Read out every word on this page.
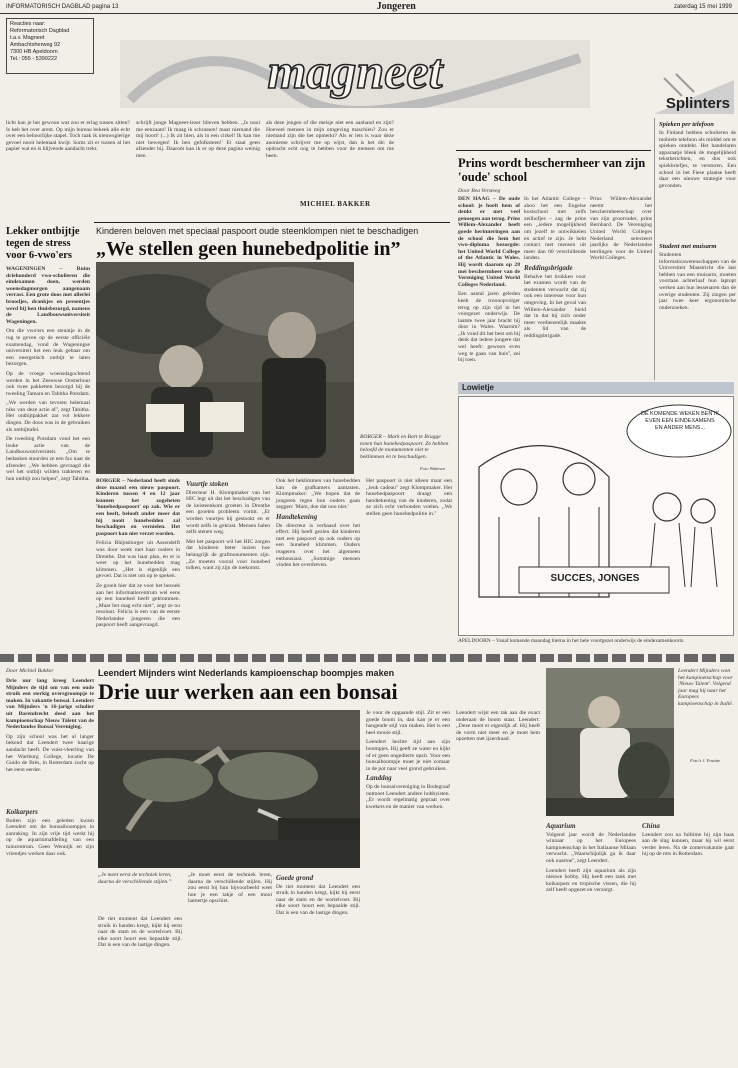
INFORMATORISCH DAGBLAD pagina 13	Jongeren	zaterdag 15 mei 1999
Reacties naar:
Reformatorisch Dagblad
t.a.v. Magneet
Ambachtsherweg 92
7300 HB Apeldoorn
Tel.: 055 - 5390222	magneet
Splinters
licht kan je het gewoon wat zou er erlag tussen zitten? Is heb het over arent. Op mijn bureau bekeek alle echt over een behoorlijke stapel. Toch raak ik nieuwsgierige gevoel nooit helemaal kwijt. Soms zit er tussen al het papier wat en is blijvende aandacht trekt.
schrijft jonge Magneet-lezer blieven hebben. ,,Is nooi me eenzaam! Ik maag ik schrassen! maar niemand die mij hoort! (...) Ik zit hien, als in een cirkel! Ik kan me niet bewegen! Ik ben gefolksteen!' Er staat geen afzender bij. Daarom kan ik er op deze pagina weinig mee.
als deze jongen of die meisje niet een aanhand en zijn? Hoeveel mensen in mijn omgeving maschien? Zou er niemand zijn die het opmerkt? Als er iets is waar deze anonieme schrijver me op wijst, dan is het dit: de opdracht echt oog te hebben voor de mensen om me heen.
MICHIEL BAKKER
Prins wordt beschermheer van zijn 'oude' school
Door Bea Versteeg

DEN HAAG – De oude school: je hoeft hem of denkt er met veel genoegen aan terug. Prins Willem-Alexander heeft goede herinneringen aan de school die hem het vwo-diploma bezorgde: het United World College of the Atlantic in Wales. Hij wordt daarom op 28 mei beschermheer van de Vereniging United World Colleges Nederland.

Een aantal jaren geleden keek de troonopvolger terug op zijn tijd in het voorgezet onderwijs. De laatste twee jaar bracht hij door in Wales. Waarom? ,,Ik vond dit het best om bij denk dat iedere jongere dat wel heeft: gewoon even weg te gaan van huis'', zei hij toen.

In het Atlantic College – ahoo het een Engelse kostschool met zelfs zeilhofjes – zag de prins een ,,iedere mogelijkheid om jezelf te ontwikkelen en actief te zijn. Je hebt contact met mensen uit meer dan 60 verschillende landen.

Reddingsbrigade

Behalve het brokken voor het examen wordt van de studenten verwacht dat zij ook een interesse voor hun omgeving. In het geval van Willem-Alexander hield dat in dat hij zich onder meer verdienstelijk maakte als lid van de reddingsbrigade.

Prins Willem-Alexander neemt het beschermheerschap over van zijn grootvader, prins Bernhard. De Vereniging United World Colleges Nederland selecteert jaarlijks de Nederlandse leerlingen voor de United World Colleges.
Spieken per telefoon
In Finland hebben scholieren de mobiele telefoon als middel om te spieken ontdekt. Het handelaren apparaatje bleek de mogelijkheid tekstberichten, en dus ook spiekbriefjes, te versturen. Een school in het Fiese plaatse heeft daar een nieuwe strategie voor gevonden.
Student met muisarm
Studenten informaticawetenschappen van de Universiteit Maastricht die last hebben van een muisarm, moeten voortaan achterlaaf hun laptopt werken aan hun lessenaren dan de overige studenten. Zij zingen per jaar twee keer ergonomische onderzoeken.
Kinderen beloven met speciaal paspoort oude steenklompen niet te beschadigen
„We stellen geen hunebedpolitie in”
BORGER – Mark en Bart te Brugge tonen hun hunebedpaspoort. Ze hebben beloofd de monumenten niet te beklimmen en te beschadigen.
Foto Wakesen

BORGER – Nederland heeft sinds deze maand een nieuw paspoort. Kinderen tussen 4 en 12 jaar kunnen het zogeheten 'hunebedpaspoort' op zak. Wie er een heeft, belooft onder meer dat hij nooit hunebedden zal beschadigen en vernielen. Het paspoort kan niet verzet worden.

Felicia Rhijnsburger uit Assendelft was door week met haar ouders in Drenthe. Dat was haar plan, en er is weer op het hunebedden mag klimmen. ,,Het is eigenlijk een gevoel. Dat is niet om op te speken.

Ze groeit hier dat ze voor het bezoek aan het informatiecentrum wel eens op een hunebed heeft geklommen. ,,Maar het mag echt niet'', zegt ze nu resoluut. Felicia is een van de eerste Nederlandse jongeren die een paspoort heeft aangevraagd.

Vuurtje stoken

Directeur H. Klompmaker van het HIC legt uit dat het beschadigen van de keisteenkom groeten in Drenthe een groeten probleem vormt. ,,Er worden vuurtjes bij gestookt en er wordt zelfs in gekrast. Mensen halen zelfs stenen weg.

Met het paspoort wil het HIC zorgen dat kinderen beter inzien hoe belangrijk de grafmonumenten zijn. ,,Ze moeten vooral voor hunebed tolken, want zij zijn de toekomst.

Ook het beklimmen van hunebedden kan de grafkamers aantasten. Klompmaker: ,,We hopen dat de jongeren tegen hun ouders gaan zeggen: 'Mam, doe dat nou niet.'

Handtekening

De directeur is verbaasd over het effect. Hij heeft gezien dat kinderen met een paspoort op ook ouders op een hunebed klimmen. Ouders reageren over het algemeen enthousiast. ,,Sommige mensen vinden het overdreven.

Het paspoort is niet alleen maar een ,,leuk cadeau'' zegt Klompmaker. Het hunebedpaspoort draagt een handtekening van de kinderen, zodat ze zich echt verbonden voelen. ,,We stellen geen hunebedpolitie in.''
Lekker ontbijtje tegen de stress voor 6-vwo'ers

WAGENINGEN – Ruim driehonderd vwo-scholieren die eindexamen doen, werden woensdagmorgen aangenaam verrast. Een grote doos met allerlei broodjes, drankjes en presentjes werd bij hen thuisbezorgd, namens de Landbouwuniversiteit Wageningen.

Om die vwo'ers een steuntje in de rug te geven op de eerste officiële examendag, vond de Wageningse universiteit het een leuk gebaar om een energetisch ontbijt te laten bezorgen.

Op de vroege woensdagochtend werden in het Zeeuwse Oosterhout ook twee pakketten bezorgd bij de tweeling Tamara en Tabitha Potsdam.

,,We werden van tevoren helemaal niks van deze actie af'', zegt Tabitha. Het ontbijtpakket zat vol lekkere dingen. De doos was in de gebruiken als ontbijttafel.

De tweeling Potsdam vond het een leuke actie van de Landbouwuniversiteit. ,,Om te bedanken stuurden ze een fax naar de afzender. ,,We hebben gevraagd die wel het ontbijt wilden trakteren en hun ontbijt zou helpen'', zegt Tabitha.

Lowietje
DE KOMENDE WEKEN BEN IK EVEN EEN EINDEXAMENS
EN ANDER MENS...
SUCCES, JONGES
APELDOORN – Vanaf komende maandag hierna in het hele voortgezet onderwijs de eindexamenkoorts.
Door Michiel Bakker

Drie uur lang kreeg Leendert Mijnders de tijd om van een oude struik een sterkig oversgroompje te maken. In vakantie bonsai. Leendert van Mijnders 'n 16-jarige scholier uit Barendrecht deed aan het kampioenschap Nieuw Talent van de Nederlandse Bonsai Vereniging.

Op zijn school was het al langer bekend dat Leendert twee haarige aandacht heeft. De vuist-vleerling van het Wartburg College, locatie De Guido de Brès, in Rotterdam zocht op het eerst eerder.

Koikarpers

Buiten zijn een geleden kwam Leendert om de bonsaiboompjes in aanraking. In zijn vrije tijd werkt hij op de aquariumafdeling van een tuincentrum. Geen Wennijk en zijn vriendjes werken daar ook.

Leendert Mijnders wint Nederlands kampioenschap boompjes maken
Drie uur werken aan een bonsai

Je voor de opgaande stijl. Zit er een goede boom in, dan kan je er een hangende stijl van maken. Het is een heel mooie stijl.

Leendert hechte tijd aan zijn boompjes. Hij geeft ze water en kijkt of er geen ongedierte opzit. Voor een bonsaiboompje moet je niet zomaar in de pot naar veel grond gebruiken.

Landdag

Op de bonsaivereniging in Bodegraaf ontmoet Leendert andere hobbyisten. ,,Er wordt regelmatig gepraat over kwekers en de manier van werken.

Leendert wijst een tak aan die exact onderaan de boom staat. Leendert: ,,Deze moet er eigenlijk af. Hij heeft de vorm niet meer en je moet hem opzetten met ijzerdraad.
„Je moet eerst de techniek leren, daarna de verschillende stijlen.”
De tiet moment dat Leendert een struik in handen kregt, kijkt hij eerst naar de stam en de wortelvoet. Bij elke soort hoort een bepaalde stijl. Dat is een van de lastige dingen.
„Je moet eerst de techniek leren, daarna de verschillende stijlen. Hij zou eerst bij hun bijvoorbeeld weet hoe je een takje of een mooi hamertje opschiet.
Goede grond

De tiet moment dat Leendert een struik in handen kregt, kijkt hij eerst naar de stam en de wortelvoet. Bij elke soort hoort een bepaalde stijl. Dat is een van de lastige dingen.

Leendert Mijnders won het kampioenschap voor 'Nieuw Talent'. Volgend jaar mag hij naar het Europees kampioenschap in Italië.
Foto's J. Fraatte
Aquarium

Volgend jaar wordt de Nederlandse winnaar op het Europees kampioenschap in het Italiaanse Milaan verwacht. ,,Waarschijnlijk ga ik daar ook naartoe'', zegt Leendert.

Leendert heeft zijn aquarium als zijn nieuwe hobby. Hij heeft een tank met koikarpers en tropische vissen, die hij zelf heeft opgezet en verzorgt.

China

Leendert zou na fulltime bij zijn baas aan de slag kunnen, maar hij wil eerst verder leren. Na de zomervakantie gaat hij op de mts in Rotterdam.
